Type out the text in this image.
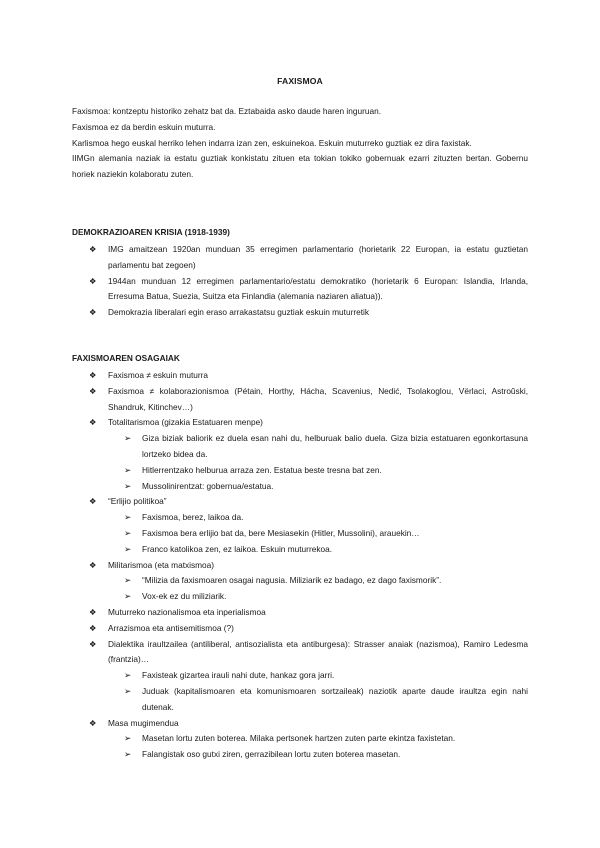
FAXISMOA

Faxismoa: kontzeptu historiko zehatz bat da. Eztabaida asko daude haren inguruan.

Faxismoa ez da berdin eskuin muturra.

Karlismoa hego euskal herriko lehen indarra izan zen, eskuinekoa. Eskuin muturreko guztiak ez dira faxistak.

IIMGn alemania naziak ia estatu guztiak konkistatu zituen eta tokian tokiko gobernuak ezarri zituzten bertan. Gobernu horiek naziekin kolaboratu zuten.

DEMOKRAZIOAREN KRISIA (1918-1939)
❖	IMG amaitzean 1920an munduan 35 erregimen parlamentario (horietarik 22 Europan, ia estatu guztietan parlamentu bat zegoen)
❖	1944an munduan 12 erregimen parlamentario/estatu demokratiko (horietarik 6 Europan: Islandia, Irlanda, Erresuma Batua, Suezia, Suitza eta Finlandia (alemania naziaren aliatua)).
❖	Demokrazia liberalari egin eraso arrakastatsu guztiak eskuin muturretik
FAXISMOAREN OSAGAIAK
❖	Faxismoa ≠ eskuin muturra
❖	Faxismoa ≠ kolaborazionismoa (Pétain, Horthy, Hácha, Scavenius, Nedić, Tsolakoglou, Vërlaci, Astroŭski, Shandruk, Kitinchev…)
❖	Totalitarismoa (gizakia Estatuaren menpe)
➢ Giza biziak baliorik ez duela esan nahi du, helburuak balio duela. Giza bizia estatuaren egonkortasuna lortzeko bidea da.
➢ Hitlerrentzako helburua arraza zen. Estatua beste tresna bat zen.
➢ Mussolinirentzat: gobernua/estatua.
❖	“Erlijio politikoa”
➢ Faxismoa, berez, laikoa da.
➢ Faxismoa bera erlijio bat da, bere Mesiasekin (Hitler, Mussolini), arauekin…
➢ Franco katolikoa zen, ez laikoa. Eskuin muturrekoa.
❖	Militarismoa (eta matxismoa)
➢ “Milizia da faxismoaren osagai nagusia. Miliziarik ez badago, ez dago faxismorik”.
➢ Vox-ek ez du miliziarik.
❖	Muturreko nazionalismoa eta inperialismoa
❖	Arrazismoa eta antisemitismoa (?)
❖	Dialektika iraultzailea (antiliberal, antisozialista eta antiburgesa): Strasser anaiak (nazismoa), Ramiro Ledesma (frantzia)…
➢ Faxisteak gizartea irauli nahi dute, hankaz gora jarri.
➢ Juduak (kapitalismoaren eta komunismoaren sortzaileak) naziotik aparte daude iraultza egin nahi dutenak.
❖	Masa mugimendua
➢ Masetan lortu zuten boterea. Milaka pertsonek hartzen zuten parte ekintza faxistetan.
➢ Falangistak oso gutxi ziren, gerrazibilean lortu zuten boterea masetan.
